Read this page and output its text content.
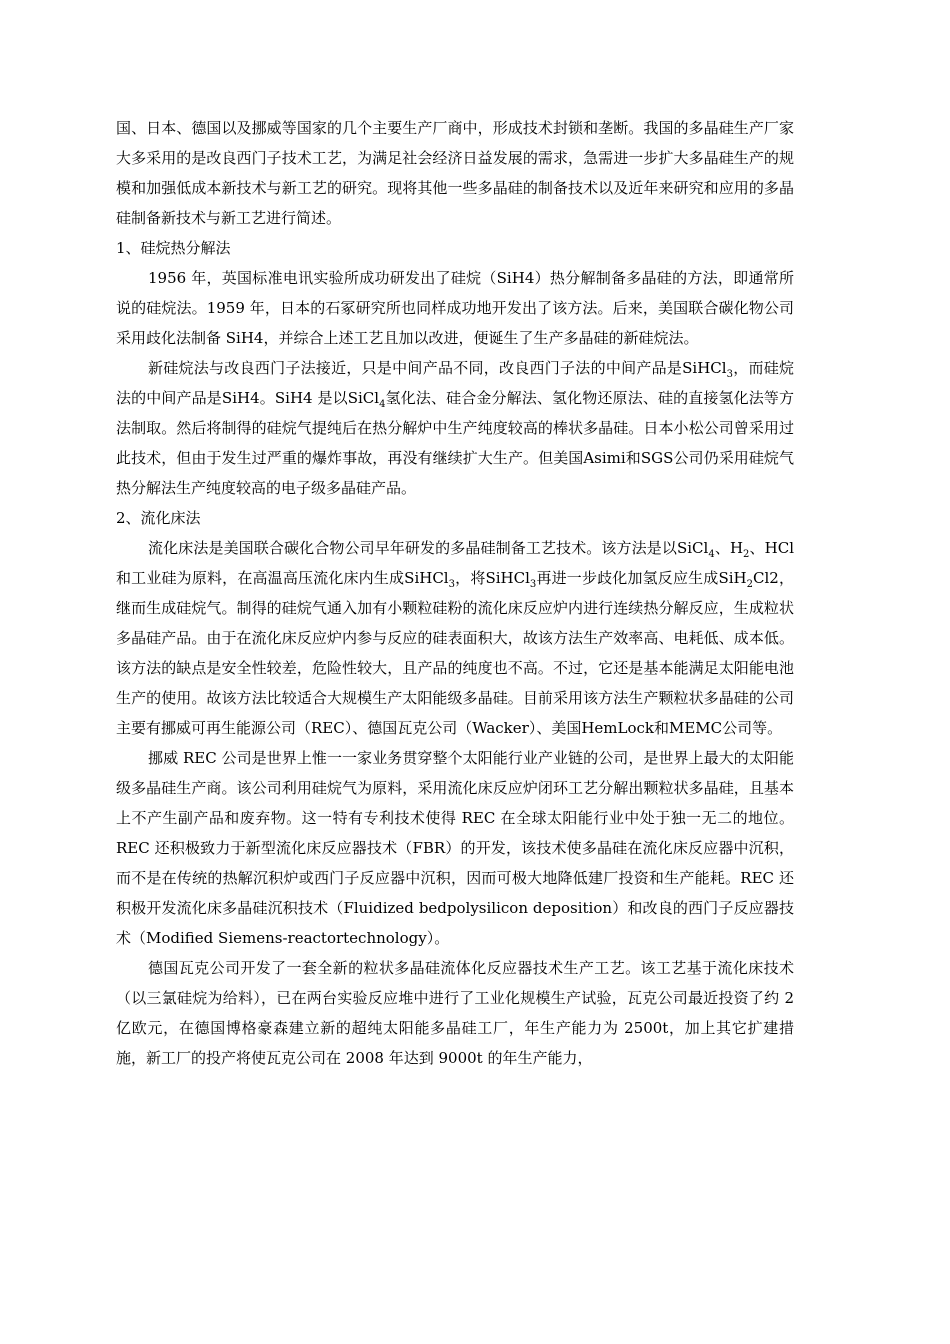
国、日本、德国以及挪威等国家的几个主要生产厂商中，形成技术封锁和垄断。我国的多晶硅生产厂家大多采用的是改良西门子技术工艺，为满足社会经济日益发展的需求，急需进一步扩大多晶硅生产的规模和加强低成本新技术与新工艺的研究。现将其他一些多晶硅的制备技术以及近年来研究和应用的多晶硅制备新技术与新工艺进行简述。

1、硅烷热分解法

1956 年，英国标准电讯实验所成功研发出了硅烷（SiH4）热分解制备多晶硅的方法，即通常所说的硅烷法。1959 年，日本的石冢研究所也同样成功地开发出了该方法。后来，美国联合碳化物公司采用歧化法制备 SiH4，并综合上述工艺且加以改进，便诞生了生产多晶硅的新硅烷法。

新硅烷法与改良西门子法接近，只是中间产品不同，改良西门子法的中间产品是SiHCl$_3$，而硅烷法的中间产品是SiH4。SiH4 是以SiCl$_4$氢化法、硅合金分解法、氢化物还原法、硅的直接氢化法等方法制取。然后将制得的硅烷气提纯后在热分解炉中生产纯度较高的棒状多晶硅。日本小松公司曾采用过此技术，但由于发生过严重的爆炸事故，再没有继续扩大生产。但美国Asimi和SGS公司仍采用硅烷气热分解法生产纯度较高的电子级多晶硅产品。

2、流化床法

流化床法是美国联合碳化合物公司早年研发的多晶硅制备工艺技术。该方法是以SiCl$_4$、$H_2$、HCl和工业硅为原料，在高温高压流化床内生成SiHCl$_3$，将SiHCl$_3$再进一步歧化加氢反应生成SiH$_2$Cl2，继而生成硅烷气。制得的硅烷气通入加有小颗粒硅粉的流化床反应炉内进行连续热分解反应，生成粒状多晶硅产品。由于在流化床反应炉内参与反应的硅表面积大，故该方法生产效率高、电耗低、成本低。该方法的缺点是安全性较差，危险性较大，且产品的纯度也不高。不过，它还是基本能满足太阳能电池生产的使用。故该方法比较适合大规模生产太阳能级多晶硅。目前采用该方法生产颗粒状多晶硅的公司主要有挪威可再生能源公司（REC）、德国瓦克公司（Wacker）、美国HemLock和MEMC公司等。

挪威 REC 公司是世界上惟一一家业务贯穿整个太阳能行业产业链的公司，是世界上最大的太阳能级多晶硅生产商。该公司利用硅烷气为原料，采用流化床反应炉闭环工艺分解出颗粒状多晶硅，且基本上不产生副产品和废弃物。这一特有专利技术使得 REC 在全球太阳能行业中处于独一无二的地位。REC 还积极致力于新型流化床反应器技术（FBR）的开发，该技术使多晶硅在流化床反应器中沉积，而不是在传统的热解沉积炉或西门子反应器中沉积，因而可极大地降低建厂投资和生产能耗。REC 还积极开发流化床多晶硅沉积技术（Fluidized bedpolysilicon deposition）和改良的西门子反应器技术（Modified Siemens-reactortechnology）。

德国瓦克公司开发了一套全新的粒状多晶硅流体化反应器技术生产工艺。该工艺基于流化床技术（以三氯硅烷为给料），已在两台实验反应堆中进行了工业化规模生产试验，瓦克公司最近投资了约 2 亿欧元，在德国博格豪森建立新的超纯太阳能多晶硅工厂，年生产能力为 2500t，加上其它扩建措施，新工厂的投产将使瓦克公司在 2008 年达到 9000t 的年生产能力，
